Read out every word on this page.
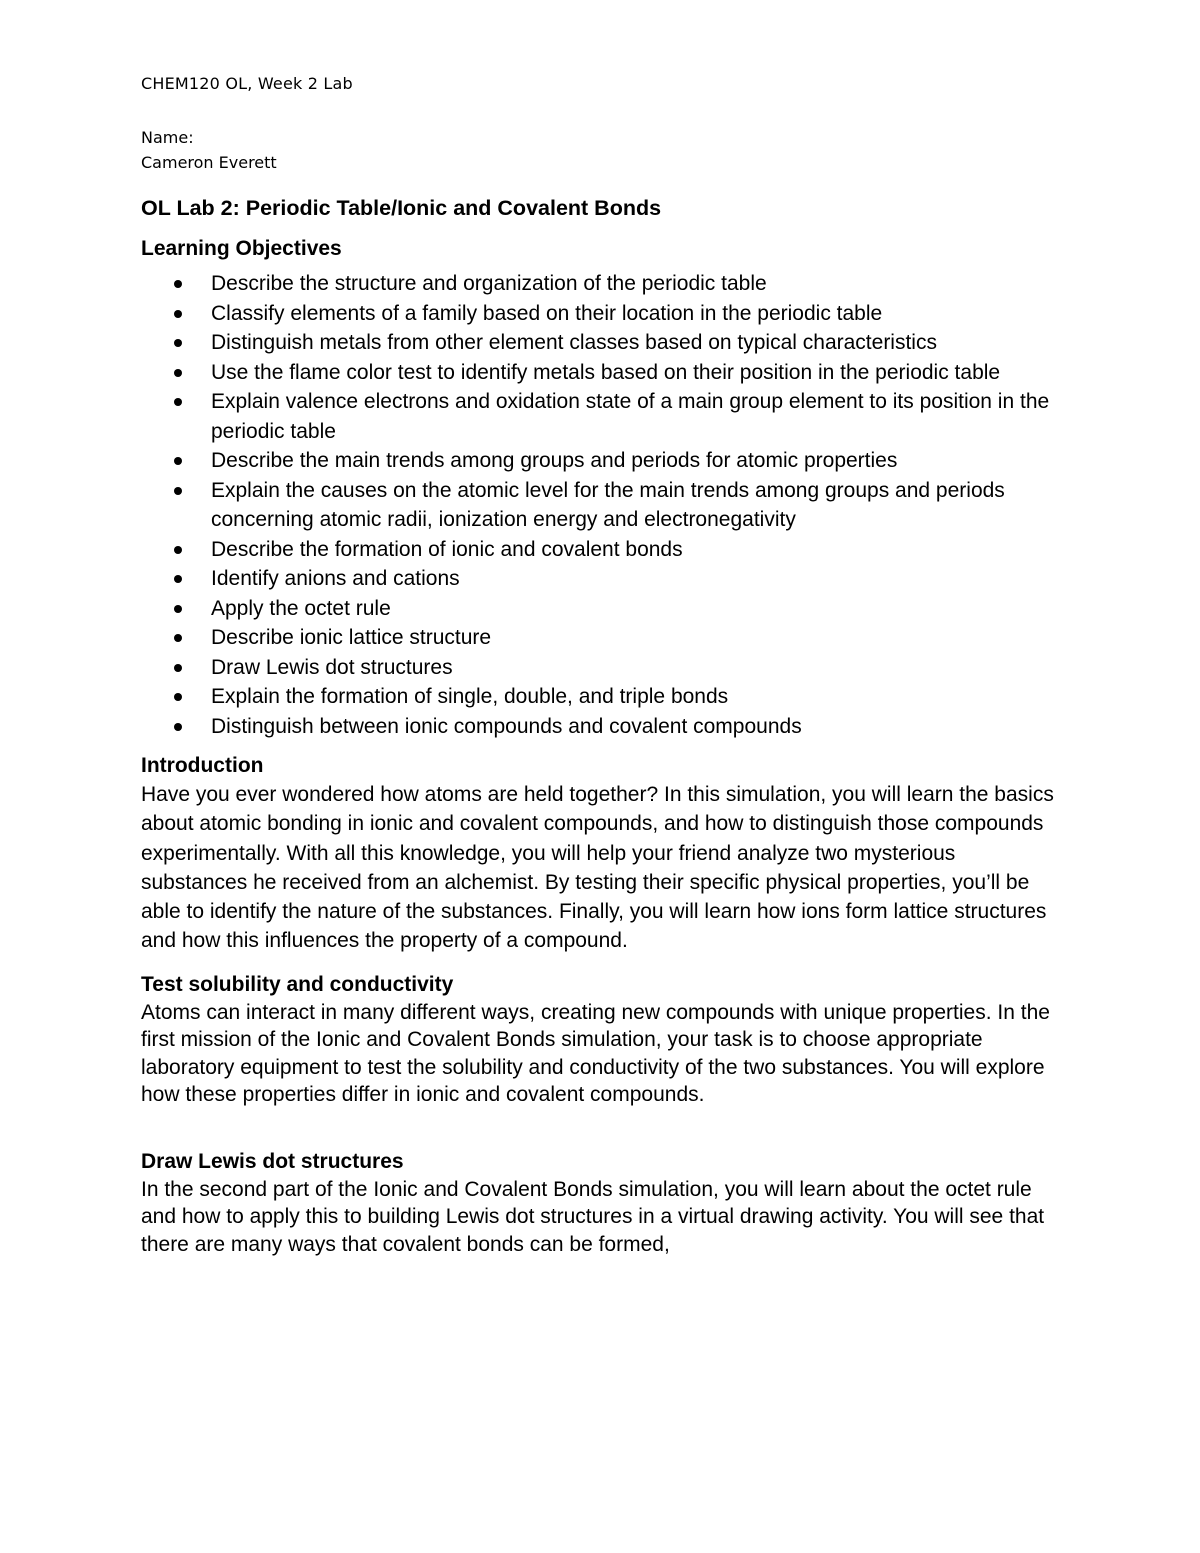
CHEM120 OL, Week 2 Lab
Name:
Cameron Everett
OL Lab 2: Periodic Table/Ionic and Covalent Bonds
Learning Objectives
Describe the structure and organization of the periodic table
Classify elements of a family based on their location in the periodic table
Distinguish metals from other element classes based on typical characteristics
Use the flame color test to identify metals based on their position in the periodic table
Explain valence electrons and oxidation state of a main group element to its position in the periodic table
Describe the main trends among groups and periods for atomic properties
Explain the causes on the atomic level for the main trends among groups and periods concerning atomic radii, ionization energy and electronegativity
Describe the formation of ionic and covalent bonds
Identify anions and cations
Apply the octet rule
Describe ionic lattice structure
Draw Lewis dot structures
Explain the formation of single, double, and triple bonds
Distinguish between ionic compounds and covalent compounds
Introduction

Have you ever wondered how atoms are held together? In this simulation, you will learn the basics about atomic bonding in ionic and covalent compounds, and how to distinguish those compounds experimentally. With all this knowledge, you will help your friend analyze two mysterious substances he received from an alchemist. By testing their specific physical properties, you’ll be able to identify the nature of the substances. Finally, you will learn how ions form lattice structures and how this influences the property of a compound.

Test solubility and conductivity

Atoms can interact in many different ways, creating new compounds with unique properties. In the first mission of the Ionic and Covalent Bonds simulation, your task is to choose appropriate laboratory equipment to test the solubility and conductivity of the two substances. You will explore how these properties differ in ionic and covalent compounds.

Draw Lewis dot structures

In the second part of the Ionic and Covalent Bonds simulation, you will learn about the octet rule and how to apply this to building Lewis dot structures in a virtual drawing activity. You will see that there are many ways that covalent bonds can be formed,
